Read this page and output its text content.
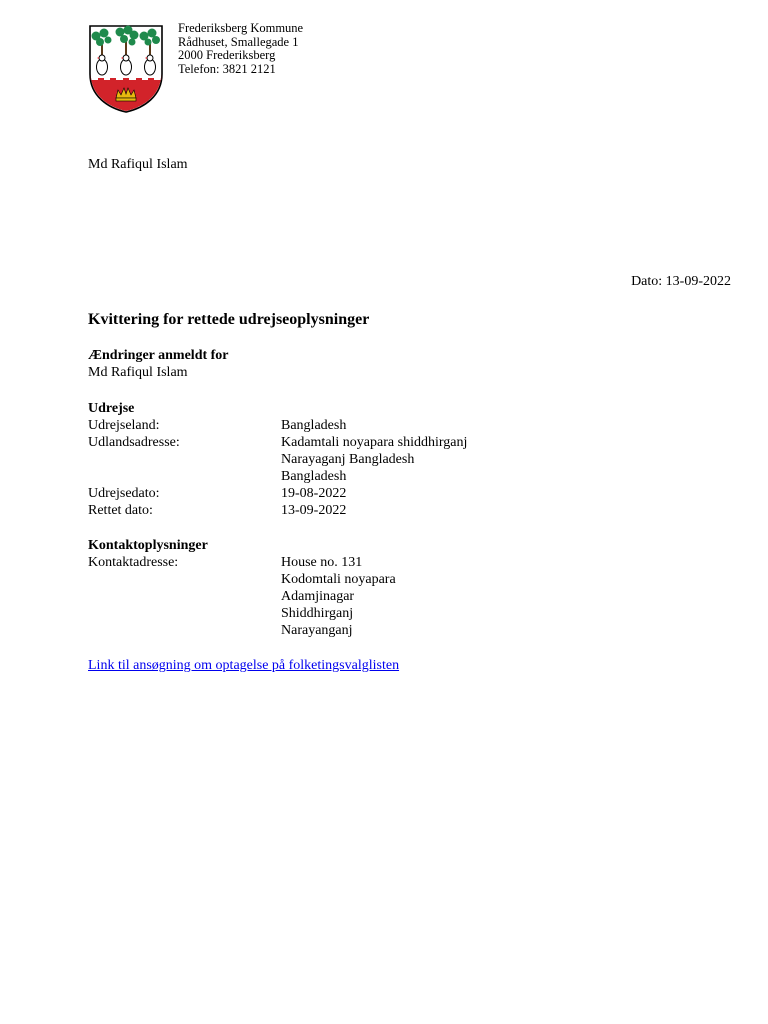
Frederiksberg Kommune
Rådhuset, Smallegade 1
2000 Frederiksberg
Telefon: 3821 2121
Md Rafiqul Islam
Dato: 13-09-2022
Kvittering for rettede udrejseoplysninger
Ændringer anmeldt for
Md Rafiqul Islam
Udrejse
Udrejseland:	Bangladesh
Udlandsadresse:	Kadamtali noyapara shiddhirganj
Narayaganj Bangladesh
Bangladesh
Udrejsedato:	19-08-2022
Rettet dato:	13-09-2022
Kontaktoplysninger
Kontaktadresse:	House no. 131
Kodomtali noyapara
Adamjinagar
Shiddhirganj
Narayanganj
Link til ansøgning om optagelse på folketingsvalglisten
